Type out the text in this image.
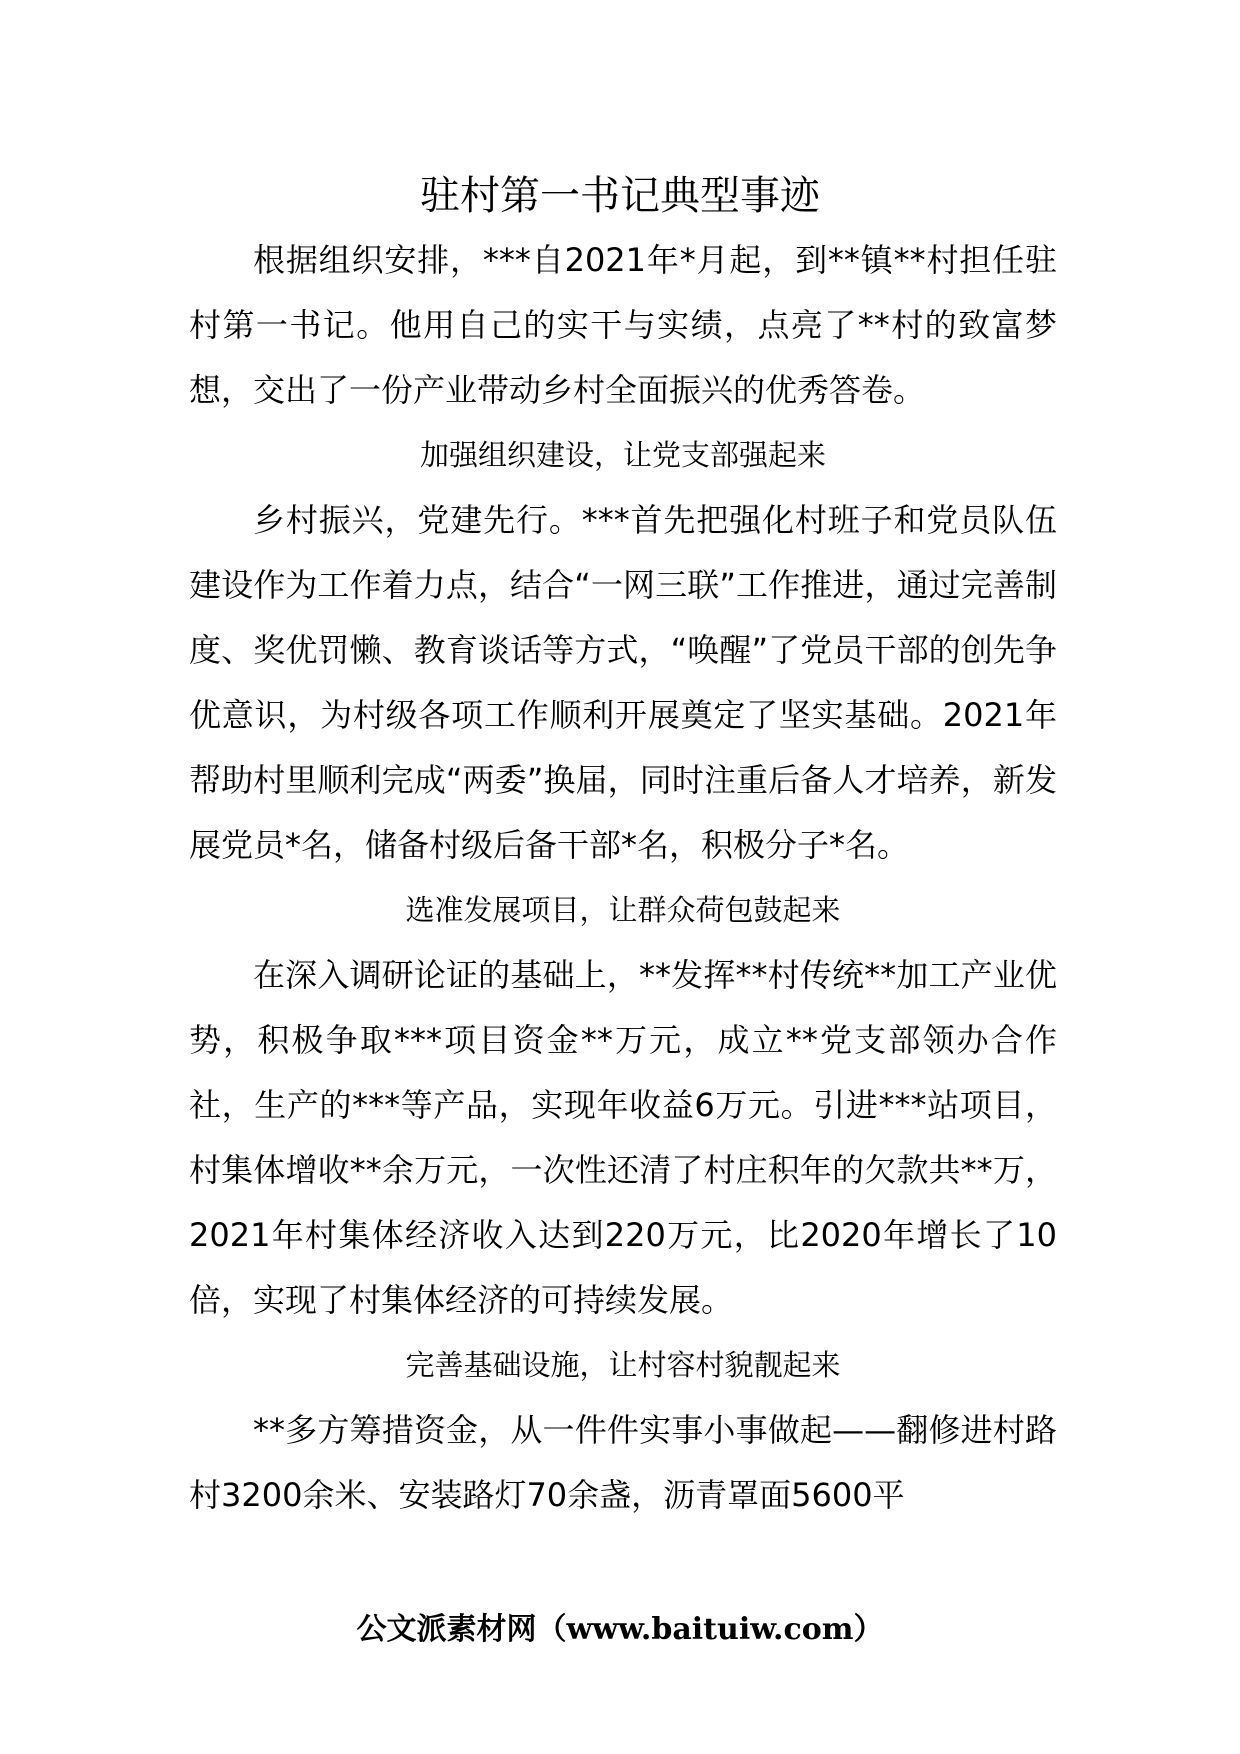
驻村第一书记典型事迹

根据组织安排，***自2021年*月起，到**镇**村担任驻村第一书记。他用自己的实干与实绩，点亮了**村的致富梦想，交出了一份产业带动乡村全面振兴的优秀答卷。

加强组织建设，让党支部强起来

乡村振兴，党建先行。***首先把强化村班子和党员队伍建设作为工作着力点，结合“一网三联”工作推进，通过完善制度、奖优罚懒、教育谈话等方式，“唤醒”了党员干部的创先争优意识，为村级各项工作顺利开展奠定了坚实基础。2021年帮助村里顺利完成“两委”换届，同时注重后备人才培养，新发展党员*名，储备村级后备干部*名，积极分子*名。

选准发展项目，让群众荷包鼓起来

在深入调研论证的基础上，**发挥**村传统**加工产业优势，积极争取***项目资金**万元，成立**党支部领办合作社，生产的***等产品，实现年收益6万元。引进***站项目，村集体增收**余万元，一次性还清了村庄积年的欠款共**万，2021年村集体经济收入达到220万元，比2020年增长了10倍，实现了村集体经济的可持续发展。

完善基础设施，让村容村貌靓起来

**多方筹措资金，从一件件实事小事做起——翻修进村路村3200余米、安装路灯70余盏，沥青罩面5600平

公文派素材网（www.baituiw.com）
